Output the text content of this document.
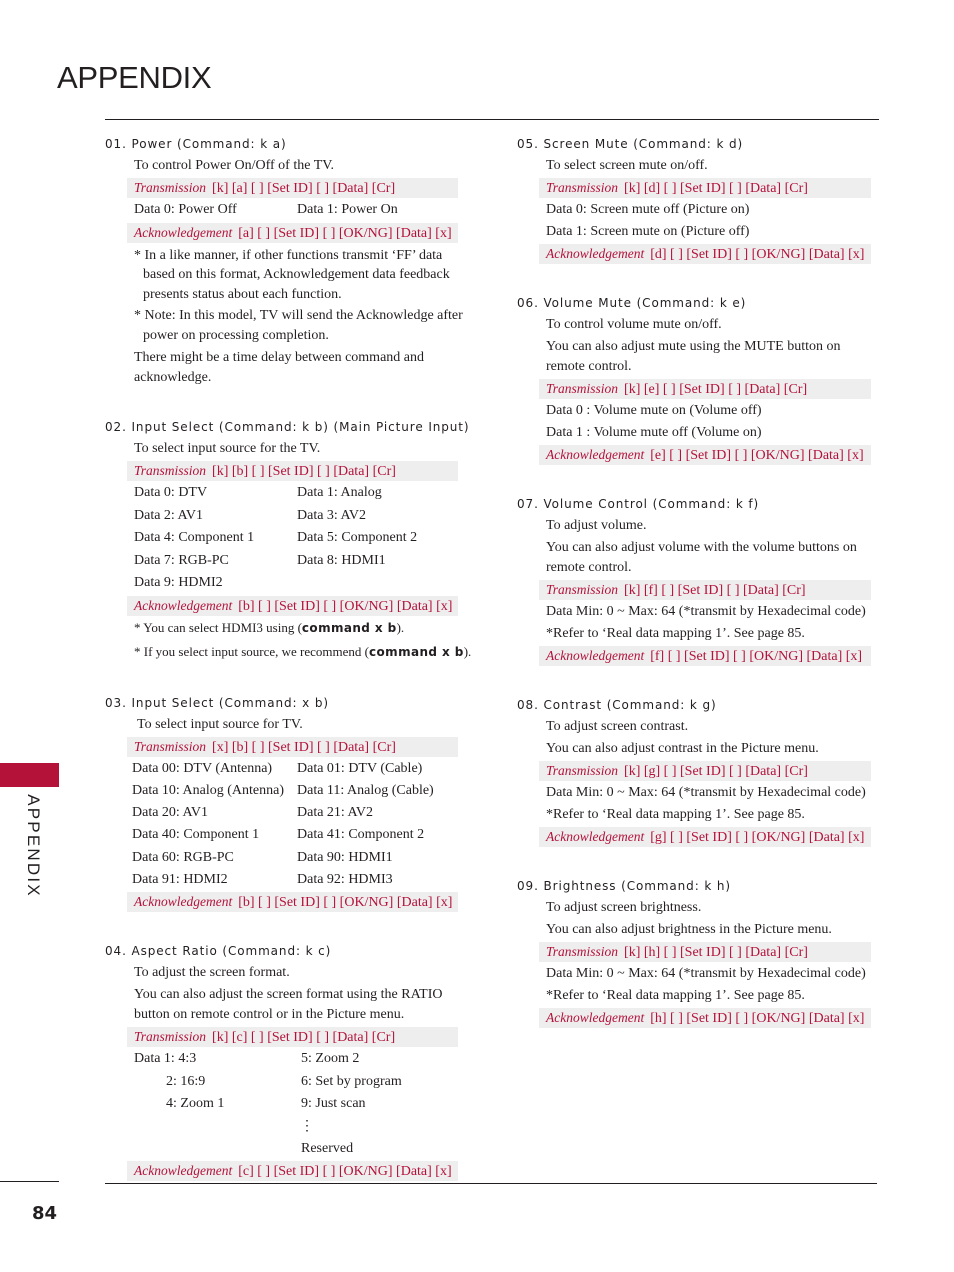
APPENDIX
APPENDIX
84
01. Power (Command: k a)
To control Power On/Off of the TV.
Transmission [k] [a] [ ] [Set ID] [ ] [Data] [Cr]
Data 0: Power Off	Data 1: Power On
Acknowledgement [a] [ ] [Set ID] [ ] [OK/NG] [Data] [x]
* In a like manner, if other functions transmit ‘FF’ data based on this format, Acknowledgement data feedback presents status about each function.
* Note: In this model, TV will send the Acknowledge after power on processing completion.
There might be a time delay between command and acknowledge.
02. Input Select (Command: k b) (Main Picture Input)
To select input source for the TV.
Transmission [k] [b] [ ] [Set ID] [ ] [Data] [Cr]
Data 0: DTV	Data 1: Analog
Data 2: AV1	Data 3: AV2
Data 4: Component 1	Data 5: Component 2
Data 7: RGB-PC	Data 8: HDMI1
Data 9: HDMI2
Acknowledgement [b] [ ] [Set ID] [ ] [OK/NG] [Data] [x]
* You can select HDMI3 using (command x b).
* If you select input source, we recommend (command x b).
03. Input Select (Command: x b)
To select input source for TV.
Transmission [x] [b] [ ] [Set ID] [ ] [Data] [Cr]
Data 00: DTV (Antenna)	Data 01: DTV (Cable)
Data 10: Analog (Antenna) Data 11: Analog (Cable)
Data 20: AV1	Data 21: AV2
Data 40: Component 1	Data 41: Component 2
Data 60: RGB-PC	Data 90: HDMI1
Data 91: HDMI2	Data 92: HDMI3
Acknowledgement [b] [ ] [Set ID] [ ] [OK/NG] [Data] [x]
04. Aspect Ratio (Command: k c)
To adjust the screen format.
You can also adjust the screen format using the RATIO button on remote control or in the Picture menu.
Transmission [k] [c] [ ] [Set ID] [ ] [Data] [Cr]
Data 1: 4:3	5: Zoom 2
2: 16:9	6: Set by program
4: Zoom 1	9: Just scan
⋮
Reserved
Acknowledgement [c] [ ] [Set ID] [ ] [OK/NG] [Data] [x]
05. Screen Mute (Command: k d)
To select screen mute on/off.
Transmission [k] [d] [ ] [Set ID] [ ] [Data] [Cr]
Data 0: Screen mute off (Picture on)
Data 1: Screen mute on (Picture off)
Acknowledgement [d] [ ] [Set ID] [ ] [OK/NG] [Data] [x]
06. Volume Mute (Command: k e)
To control volume mute on/off.
You can also adjust mute using the MUTE button on remote control.
Transmission [k] [e] [ ] [Set ID] [ ] [Data] [Cr]
Data 0 : Volume mute on (Volume off)
Data 1 : Volume mute off (Volume on)
Acknowledgement [e] [ ] [Set ID] [ ] [OK/NG] [Data] [x]
07. Volume Control (Command: k f)
To adjust volume.
You can also adjust volume with the volume buttons on remote control.
Transmission [k] [f] [ ] [Set ID] [ ] [Data] [Cr]
Data Min: 0 ~ Max: 64 (*transmit by Hexadecimal code)
*Refer to ‘Real data mapping 1’. See page 85.
Acknowledgement [f] [ ] [Set ID] [ ] [OK/NG] [Data] [x]
08. Contrast (Command: k g)
To adjust screen contrast.
You can also adjust contrast in the Picture menu.
Transmission [k] [g] [ ] [Set ID] [ ] [Data] [Cr]
Data Min: 0 ~ Max: 64 (*transmit by Hexadecimal code)
*Refer to ‘Real data mapping 1’. See page 85.
Acknowledgement [g] [ ] [Set ID] [ ] [OK/NG] [Data] [x]
09. Brightness (Command: k h)
To adjust screen brightness.
You can also adjust brightness in the Picture menu.
Transmission [k] [h] [ ] [Set ID] [ ] [Data] [Cr]
Data Min: 0 ~ Max: 64 (*transmit by Hexadecimal code)
*Refer to ‘Real data mapping 1’. See page 85.
Acknowledgement [h] [ ] [Set ID] [ ] [OK/NG] [Data] [x]
